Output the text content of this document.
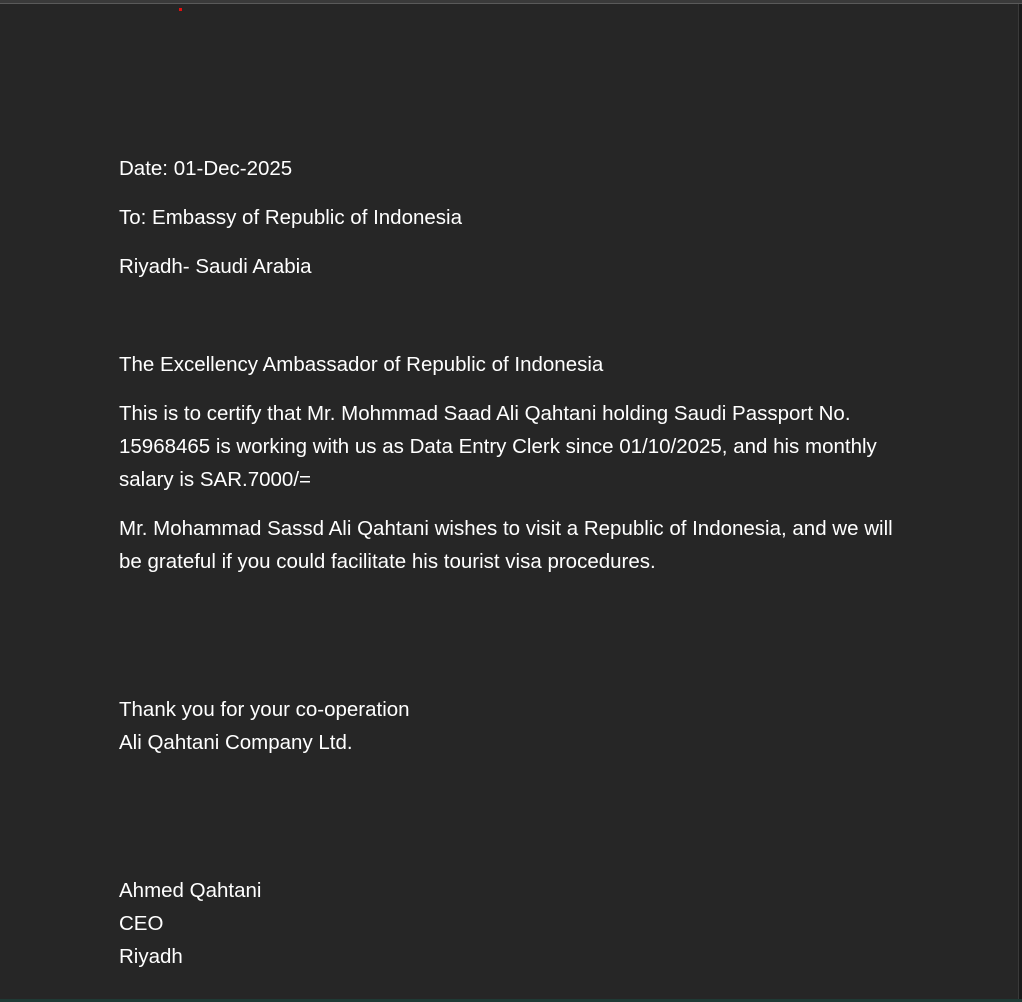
Date: 01-Dec-2025

To: Embassy of Republic of Indonesia

Riyadh- Saudi Arabia

The Excellency Ambassador of Republic of Indonesia

This is to certify that Mr. Mohmmad Saad Ali Qahtani holding Saudi Passport No. 15968465 is working with us as Data Entry Clerk since 01/10/2025, and his monthly salary is SAR.7000/=

Mr. Mohammad Sassd Ali Qahtani wishes to visit a Republic of Indonesia, and we will be grateful if you could facilitate his tourist visa procedures.

Thank you for your co-operation

Ali Qahtani Company Ltd.

Ahmed Qahtani

CEO

Riyadh
